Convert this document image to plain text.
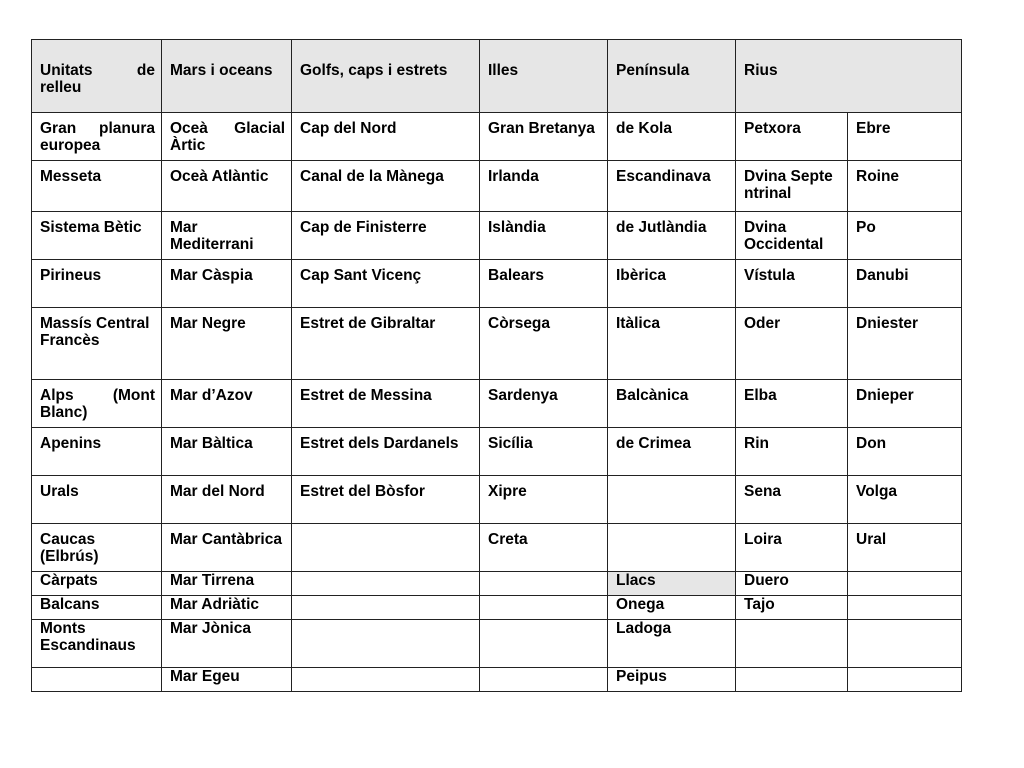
Unitats de relleu	Mars i oceans	Golfs, caps i estrets	Illes	Península	Rius	
Gran planura europea	Oceà Glacial Àrtic	Cap del Nord	Gran Bretanya	de Kola	Petxora	Ebre
Messeta	Oceà Atlàntic	Canal de la Mànega	Irlanda	Escandinava	Dvina Septentrinal	Roine
Sistema Bètic	Mar Mediterrani	Cap de Finisterre	Islàndia	de Jutlàndia	Dvina Occidental	Po
Pirineus	Mar Càspia	Cap Sant Vicenç	Balears	Ibèrica	Vístula	Danubi
Massís Central Francès	Mar Negre	Estret de Gibraltar	Còrsega	Itàlica	Oder	Dniester
Alps (Mont Blanc)	Mar d’Azov	Estret de Messina	Sardenya	Balcànica	Elba	Dnieper
Apenins	Mar Bàltica	Estret dels Dardanels	Sicília	de Crimea	Rin	Don
Urals	Mar del Nord	Estret del Bòsfor	Xipre		Sena	Volga
Caucas (Elbrús)	Mar Cantàbrica		Creta		Loira	Ural
Càrpats	Mar Tirrena			Llacs	Duero	
Balcans	Mar Adriàtic			Onega	Tajo	
Monts Escandinaus	Mar Jònica			Ladoga		
	Mar Egeu			Peipus		
